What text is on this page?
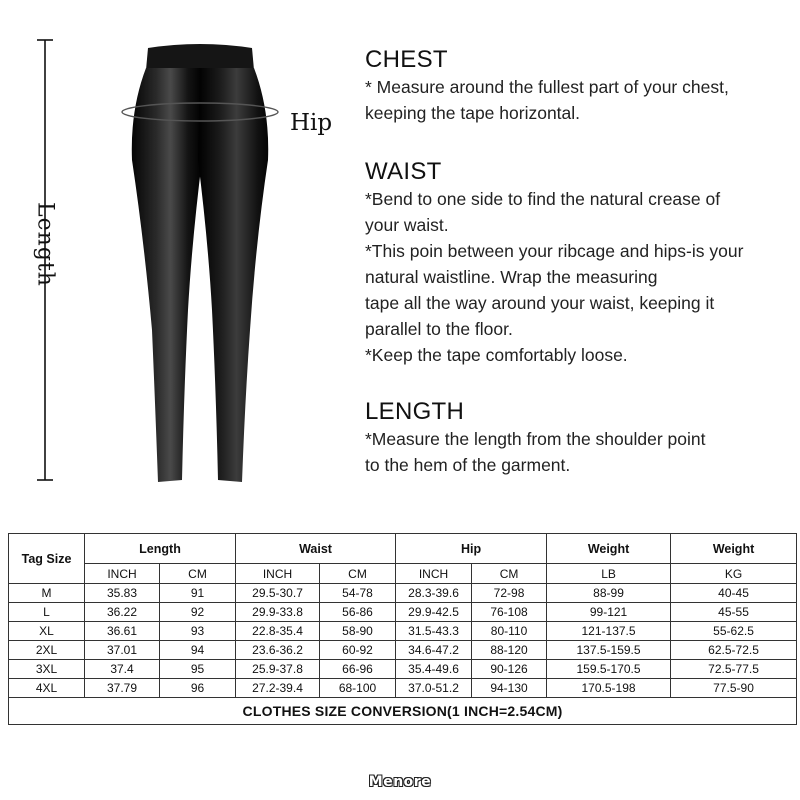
Length
Hip
CHEST
* Measure around the fullest part of your chest,
keeping the tape horizontal.
WAIST
*Bend to one side to find the natural crease of
your waist.
*This poin between your ribcage and hips-is your
natural waistline. Wrap the measuring
tape all the way around your waist, keeping it
parallel to the floor.
*Keep the tape comfortably loose.
LENGTH
*Measure the length from the shoulder point
to the hem of the garment.
Tag Size	Length		Waist		Hip		Weight	Weight
	INCH	CM	INCH	CM	INCH	CM	LB	KG
M	35.83	91	29.5-30.7	54-78	28.3-39.6	72-98	88-99	40-45
L	36.22	92	29.9-33.8	56-86	29.9-42.5	76-108	99-121	45-55
XL	36.61	93	22.8-35.4	58-90	31.5-43.3	80-110	121-137.5	55-62.5
2XL	37.01	94	23.6-36.2	60-92	34.6-47.2	88-120	137.5-159.5	62.5-72.5
3XL	37.4	95	25.9-37.8	66-96	35.4-49.6	90-126	159.5-170.5	72.5-77.5
4XL	37.79	96	27.2-39.4	68-100	37.0-51.2	94-130	170.5-198	77.5-90
CLOTHES SIZE CONVERSION(1 INCH=2.54CM)								
Menore
